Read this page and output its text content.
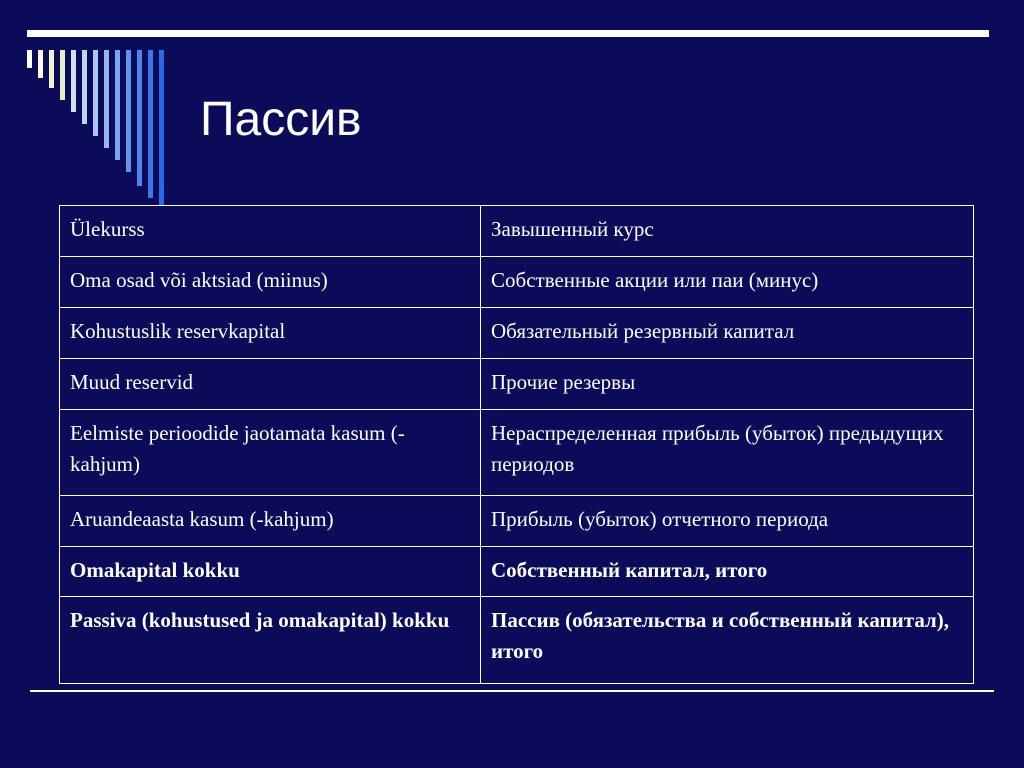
Пассив
Ülekurss	Завышенный курс
Oma osad või aktsiad (miinus)	Собственные акции или паи (минус)
Kohustuslik reservkapital	Обязательный резервный капитал
Muud reservid	Прочие резервы
Eelmiste perioodide jaotamata kasum (-kahjum)	Нераспределенная прибыль (убыток) предыдущих периодов
Aruandeaasta kasum (-kahjum)	Прибыль (убыток) отчетного периода
Omakapital kokku	Собственный капитал, итого
Passiva (kohustused ja omakapital) kokku	Пассив (обязательства и собственный капитал), итого
